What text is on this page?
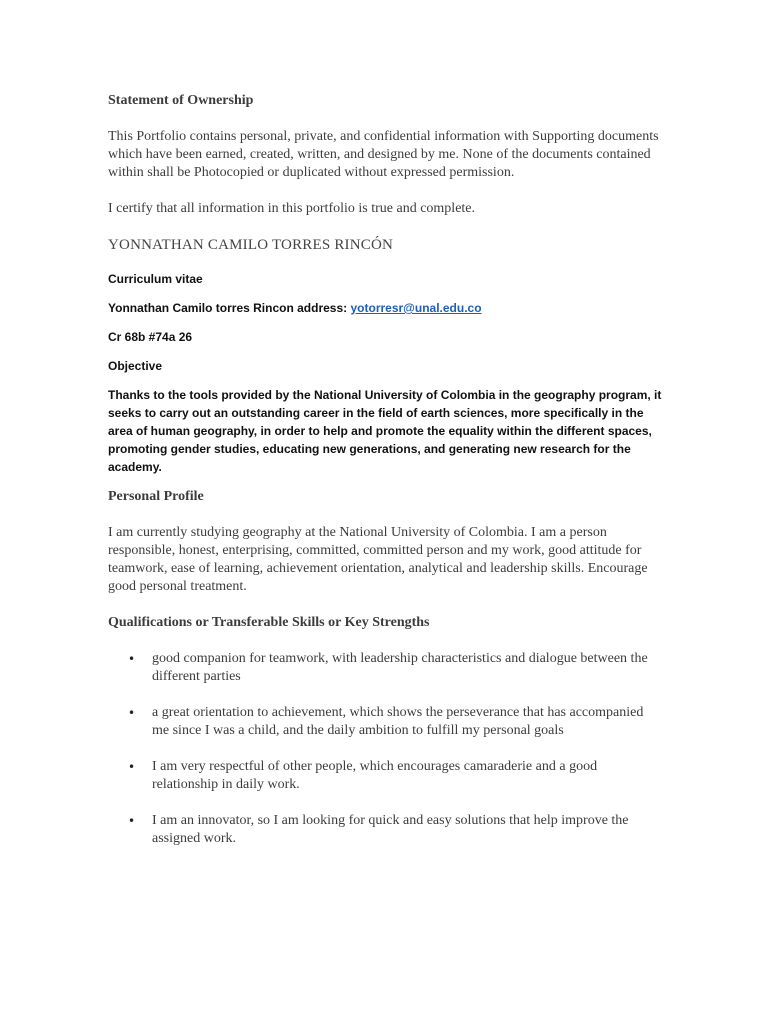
Statement of Ownership

This Portfolio contains personal, private, and confidential information with Supporting documents which have been earned, created, written, and designed by me. None of the documents contained within shall be Photocopied or duplicated without expressed permission.

I certify that all information in this portfolio is true and complete.

YONNATHAN CAMILO TORRES RINCÓN

Curriculum vitae

Yonnathan Camilo torres Rincon address: yotorresr@unal.edu.co

Cr 68b #74a 26

Objective

Thanks to the tools provided by the National University of Colombia in the geography program, it seeks to carry out an outstanding career in the field of earth sciences, more specifically in the area of human geography, in order to help and promote the equality within the different spaces, promoting gender studies, educating new generations, and generating new research for the academy.

Personal Profile

I am currently studying geography at the National University of Colombia. I am a person responsible, honest, enterprising, committed, committed person and my work, good attitude for teamwork, ease of learning, achievement orientation, analytical and leadership skills. Encourage good personal treatment.

Qualifications or Transferable Skills or Key Strengths
• good companion for teamwork, with leadership characteristics and dialogue between the different parties
• a great orientation to achievement, which shows the perseverance that has accompanied me since I was a child, and the daily ambition to fulfill my personal goals
• I am very respectful of other people, which encourages camaraderie and a good relationship in daily work.
• I am an innovator, so I am looking for quick and easy solutions that help improve the assigned work.
